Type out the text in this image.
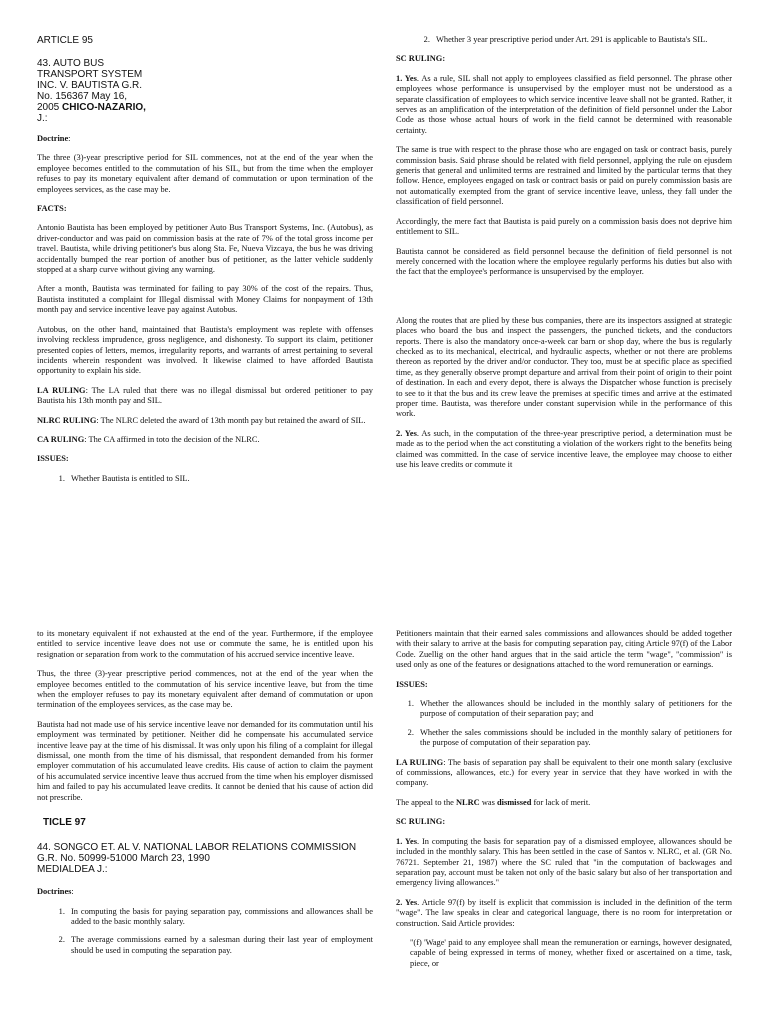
ARTICLE 95
43. AUTO BUS
TRANSPORT SYSTEM
INC. V. BAUTISTA G.R.
No. 156367 May 16,
2005 CHICO-NAZARIO,
J.:
Doctrine:

The three (3)-year prescriptive period for SIL commences, not at the end of the year when the employee becomes entitled to the commutation of his SIL, but from the time when the employer refuses to pay its monetary equivalent after demand of commutation or upon termination of the employees services, as the case may be.

FACTS:

Antonio Bautista has been employed by petitioner Auto Bus Transport Systems, Inc. (Autobus), as driver-conductor and was paid on commission basis at the rate of 7% of the total gross income per travel. Bautista, while driving petitioner's bus along Sta. Fe, Nueva Vizcaya, the bus he was driving accidentally bumped the rear portion of another bus of petitioner, as the latter vehicle suddenly stopped at a sharp curve without giving any warning.

After a month, Bautista was terminated for failing to pay 30% of the cost of the repairs. Thus, Bautista instituted a complaint for Illegal dismissal with Money Claims for nonpayment of 13th month pay and service incentive leave pay against Autobus.

Autobus, on the other hand, maintained that Bautista's employment was replete with offenses involving reckless imprudence, gross negligence, and dishonesty. To support its claim, petitioner presented copies of letters, memos, irregularity reports, and warrants of arrest pertaining to several incidents wherein respondent was involved. It likewise claimed to have afforded Bautista opportunity to explain his side.

LA RULING: The LA ruled that there was no illegal dismissal but ordered petitioner to pay Bautista his 13th month pay and SIL.

NLRC RULING: The NLRC deleted the award of 13th month pay but retained the award of SIL.

CA RULING: The CA affirmed in toto the decision of the NLRC.

ISSUES:
1. Whether Bautista is entitled to SIL.
2. Whether 3 year prescriptive period under Art. 291 is applicable to Bautista's SIL.
SC RULING:

1. Yes. As a rule, SIL shall not apply to employees classified as field personnel. The phrase other employees whose performance is unsupervised by the employer must not be understood as a separate classification of employees to which service incentive leave shall not be granted. Rather, it serves as an amplification of the interpretation of the definition of field personnel under the Labor Code as those whose actual hours of work in the field cannot be determined with reasonable certainty.

The same is true with respect to the phrase those who are engaged on task or contract basis, purely commission basis. Said phrase should be related with field personnel, applying the rule on ejusdem generis that general and unlimited terms are restrained and limited by the particular terms that they follow. Hence, employees engaged on task or contract basis or paid on purely commission basis are not automatically exempted from the grant of service incentive leave, unless, they fall under the classification of field personnel.

Accordingly, the mere fact that Bautista is paid purely on a commission basis does not deprive him entitlement to SIL.

Bautista cannot be considered as field personnel because the definition of field personnel is not merely concerned with the location where the employee regularly performs his duties but also with the fact that the employee's performance is unsupervised by the employer.

Along the routes that are plied by these bus companies, there are its inspectors assigned at strategic places who board the bus and inspect the passengers, the punched tickets, and the conductors reports. There is also the mandatory once-a-week car barn or shop day, where the bus is regularly checked as to its mechanical, electrical, and hydraulic aspects, whether or not there are problems thereon as reported by the driver and/or conductor. They too, must be at specific place as specified time, as they generally observe prompt departure and arrival from their point of origin to their point of destination. In each and every depot, there is always the Dispatcher whose function is precisely to see to it that the bus and its crew leave the premises at specific times and arrive at the estimated proper time. Bautista, was therefore under constant supervision while in the performance of this work.

2. Yes. As such, in the computation of the three-year prescriptive period, a determination must be made as to the period when the act constituting a violation of the workers right to the benefits being claimed was committed. In the case of service incentive leave, the employee may choose to either use his leave credits or commute it

to its monetary equivalent if not exhausted at the end of the year. Furthermore, if the employee entitled to service incentive leave does not use or commute the same, he is entitled upon his resignation or separation from work to the commutation of his accrued service incentive leave.

Thus, the three (3)-year prescriptive period commences, not at the end of the year when the employee becomes entitled to the commutation of his service incentive leave, but from the time when the employer refuses to pay its monetary equivalent after demand of commutation or upon termination of the employees services, as the case may be.

Bautista had not made use of his service incentive leave nor demanded for its commutation until his employment was terminated by petitioner. Neither did he compensate his accumulated service incentive leave pay at the time of his dismissal. It was only upon his filing of a complaint for illegal dismissal, one month from the time of his dismissal, that respondent demanded from his former employer commutation of his accumulated leave credits. His cause of action to claim the payment of his accumulated service incentive leave thus accrued from the time when his employer dismissed him and failed to pay his accumulated leave credits. It cannot be denied that his cause of action did not prescribe.

TICLE 97
44. SONGCO ET. AL V. NATIONAL LABOR RELATIONS COMMISSION
G.R. No. 50999-51000 March 23, 1990
MEDIALDEA J.:
Doctrines:
1. In computing the basis for paying separation pay, commissions and allowances shall be added to the basic monthly salary.
2. The average commissions earned by a salesman during their last year of employment should be used in computing the separation pay.

Petitioners maintain that their earned sales commissions and allowances should be added together with their salary to arrive at the basis for computing separation pay, citing Article 97(f) of the Labor Code. Zuellig on the other hand argues that in the said article the term "wage", "commission" is used only as one of the features or designations attached to the word remuneration or earnings.

ISSUES:
1. Whether the allowances should be included in the monthly salary of petitioners for the purpose of computation of their separation pay; and
2. Whether the sales commissions should be included in the monthly salary of petitioners for the purpose of computation of their separation pay.

LA RULING: The basis of separation pay shall be equivalent to their one month salary (exclusive of commissions, allowances, etc.) for every year in service that they have worked in with the company.

The appeal to the NLRC was dismissed for lack of merit.

SC RULING:

1. Yes. In computing the basis for separation pay of a dismissed employee, allowances should be included in the monthly salary. This has been settled in the case of Santos v. NLRC, et al. (GR No. 76721. September 21, 1987) where the SC ruled that "in the computation of backwages and separation pay, account must be taken not only of the basic salary but also of her transportation and emergency living allowances."

2. Yes. Article 97(f) by itself is explicit that commission is included in the definition of the term "wage". The law speaks in clear and categorical language, there is no room for interpretation or construction. Said Article provides:

"(f) 'Wage' paid to any employee shall mean the remuneration or earnings, however designated, capable of being expressed in terms of money, whether fixed or ascertained on a time, task, piece, or
